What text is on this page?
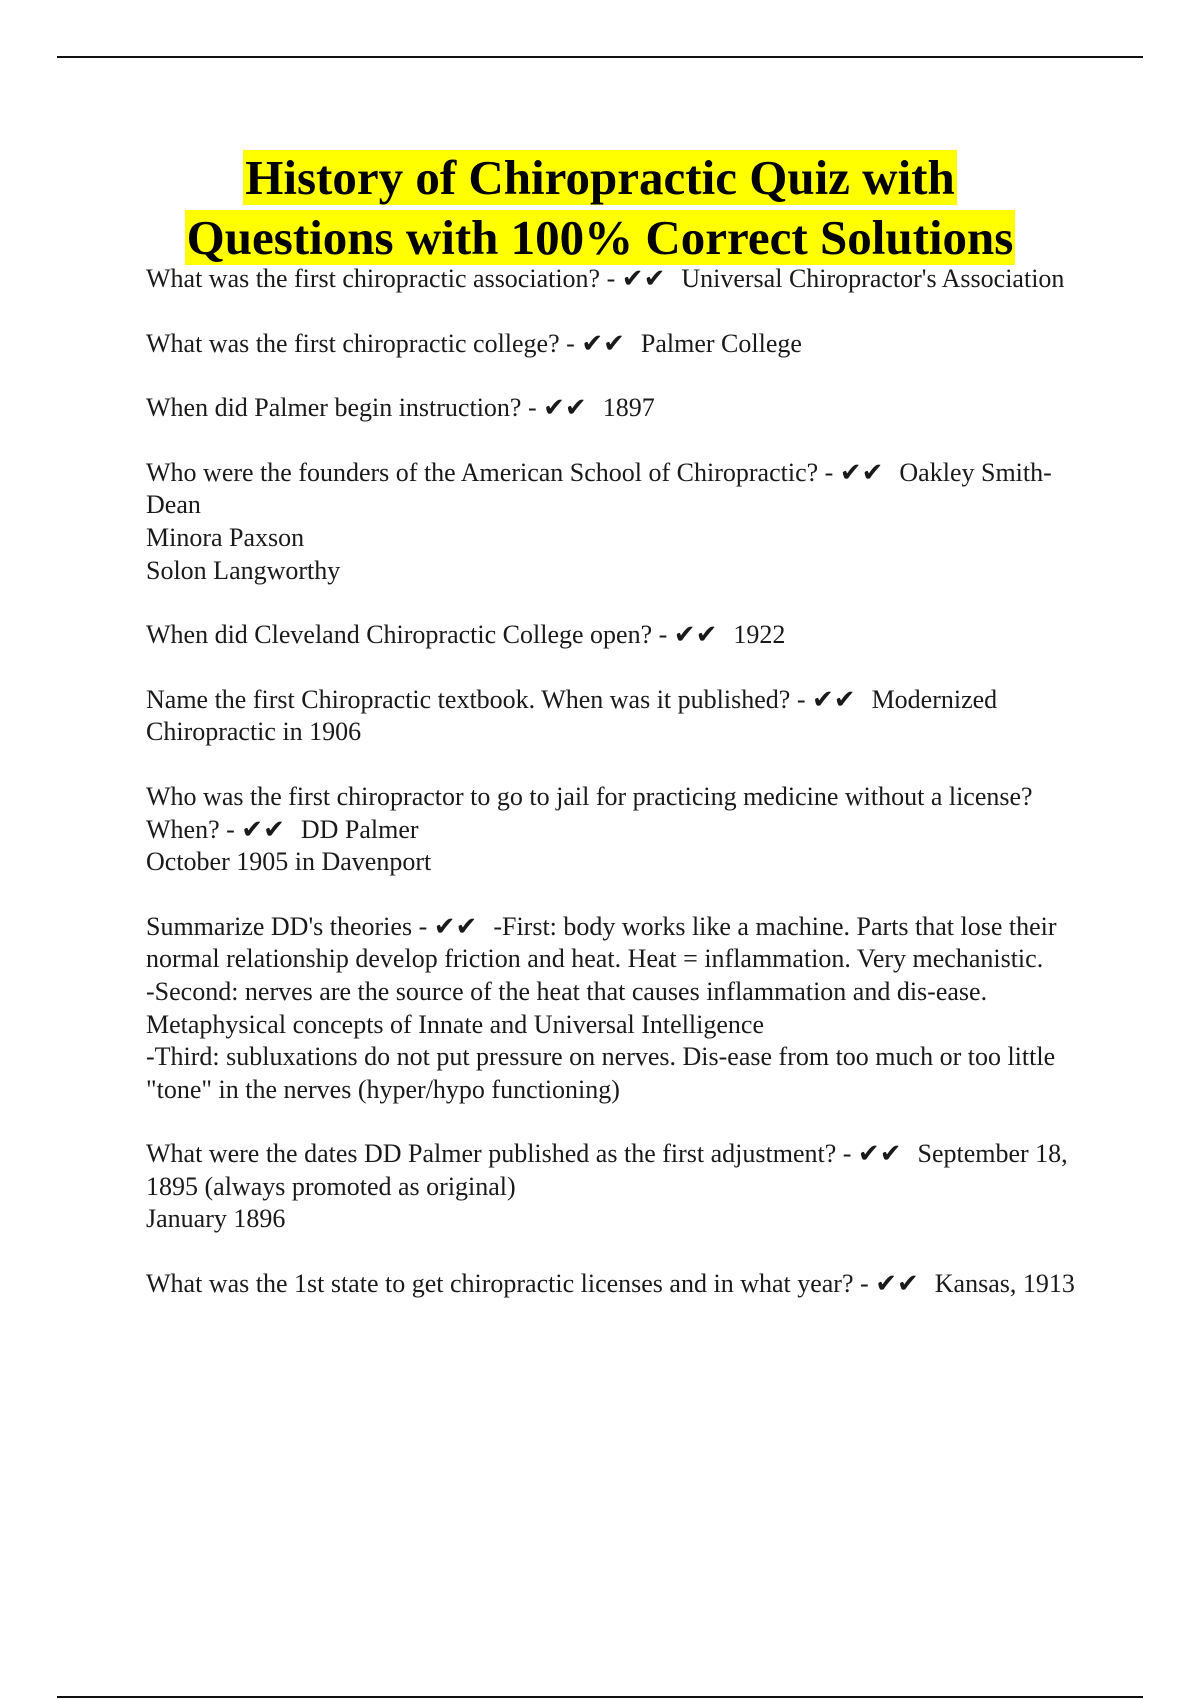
History of Chiropractic Quiz with
Questions with 100% Correct Solutions
What was the first chiropractic association? - ✔✔ Universal Chiropractor's Association
What was the first chiropractic college? - ✔✔ Palmer College
When did Palmer begin instruction? - ✔✔ 1897
Who were the founders of the American School of Chiropractic? - ✔✔ Oakley Smith- Dean
Minora Paxson
Solon Langworthy
When did Cleveland Chiropractic College open? - ✔✔ 1922
Name the first Chiropractic textbook. When was it published? - ✔✔ Modernized Chiropractic in 1906
Who was the first chiropractor to go to jail for practicing medicine without a license? When? - ✔✔ DD Palmer
October 1905 in Davenport
Summarize DD's theories - ✔✔ -First: body works like a machine. Parts that lose their normal relationship develop friction and heat. Heat = inflammation. Very mechanistic.
-Second: nerves are the source of the heat that causes inflammation and dis-ease. Metaphysical concepts of Innate and Universal Intelligence
-Third: subluxations do not put pressure on nerves. Dis-ease from too much or too little "tone" in the nerves (hyper/hypo functioning)
What were the dates DD Palmer published as the first adjustment? - ✔✔ September 18, 1895 (always promoted as original)
January 1896
What was the 1st state to get chiropractic licenses and in what year? - ✔✔ Kansas, 1913
